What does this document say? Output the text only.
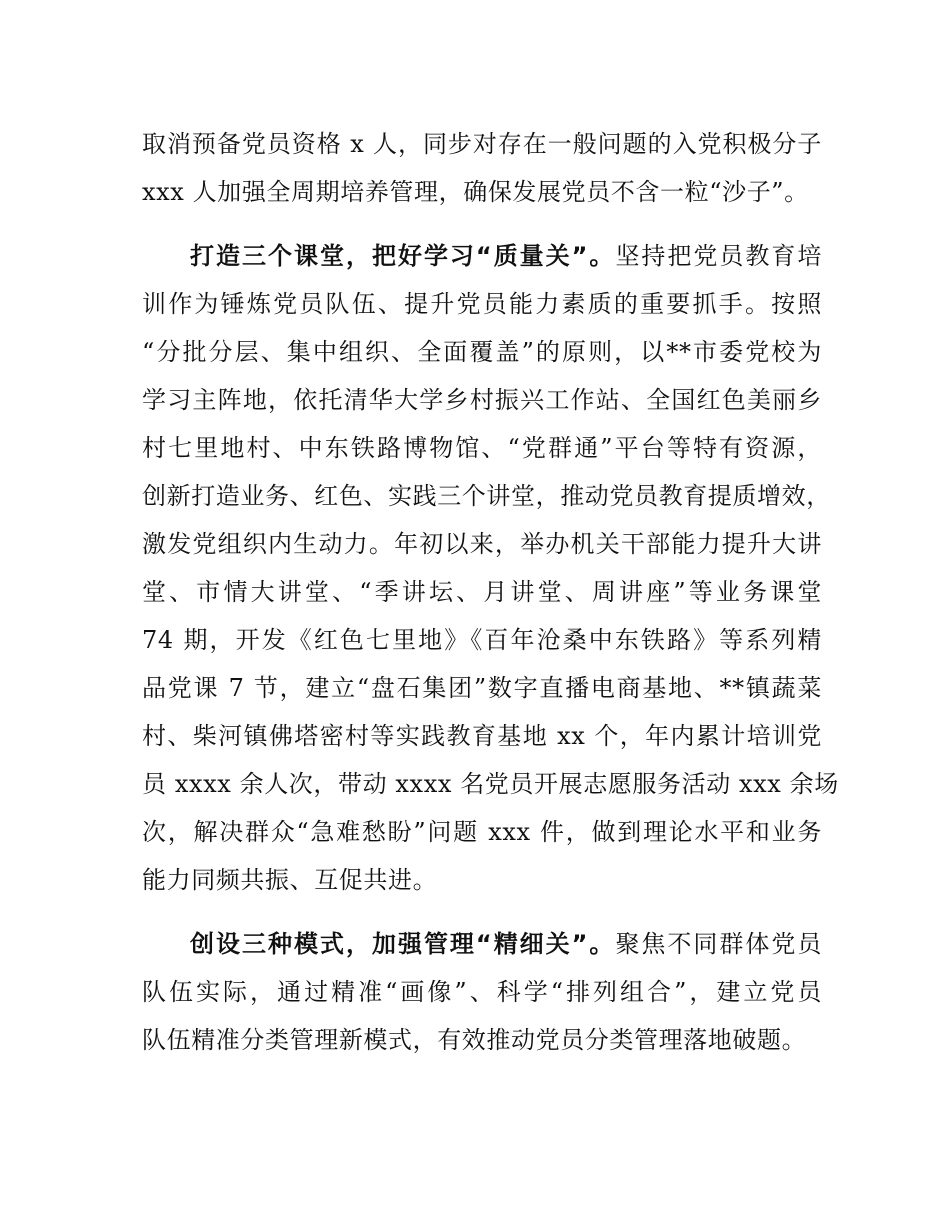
取消预备党员资格 x 人，同步对存在一般问题的入党积极分子
xxx 人加强全周期培养管理，确保发展党员不含一粒“沙子”。
打造三个课堂，把好学习“质量关”。坚持把党员教育培
训作为锤炼党员队伍、提升党员能力素质的重要抓手。按照
“分批分层、集中组织、全面覆盖”的原则，以**市委党校为
学习主阵地，依托清华大学乡村振兴工作站、全国红色美丽乡
村七里地村、中东铁路博物馆、“党群通”平台等特有资源，
创新打造业务、红色、实践三个讲堂，推动党员教育提质增效，
激发党组织内生动力。年初以来，举办机关干部能力提升大讲
堂、市情大讲堂、“季讲坛、月讲堂、周讲座”等业务课堂
74 期，开发《红色七里地》《百年沧桑中东铁路》等系列精
品党课 7 节，建立“盘石集团”数字直播电商基地、**镇蔬菜
村、柴河镇佛塔密村等实践教育基地 xx 个，年内累计培训党
员 xxxx 余人次，带动 xxxx 名党员开展志愿服务活动 xxx 余场
次，解决群众“急难愁盼”问题 xxx 件，做到理论水平和业务
能力同频共振、互促共进。
创设三种模式，加强管理“精细关”。聚焦不同群体党员
队伍实际，通过精准“画像”、科学“排列组合”，建立党员
队伍精准分类管理新模式，有效推动党员分类管理落地破题。
